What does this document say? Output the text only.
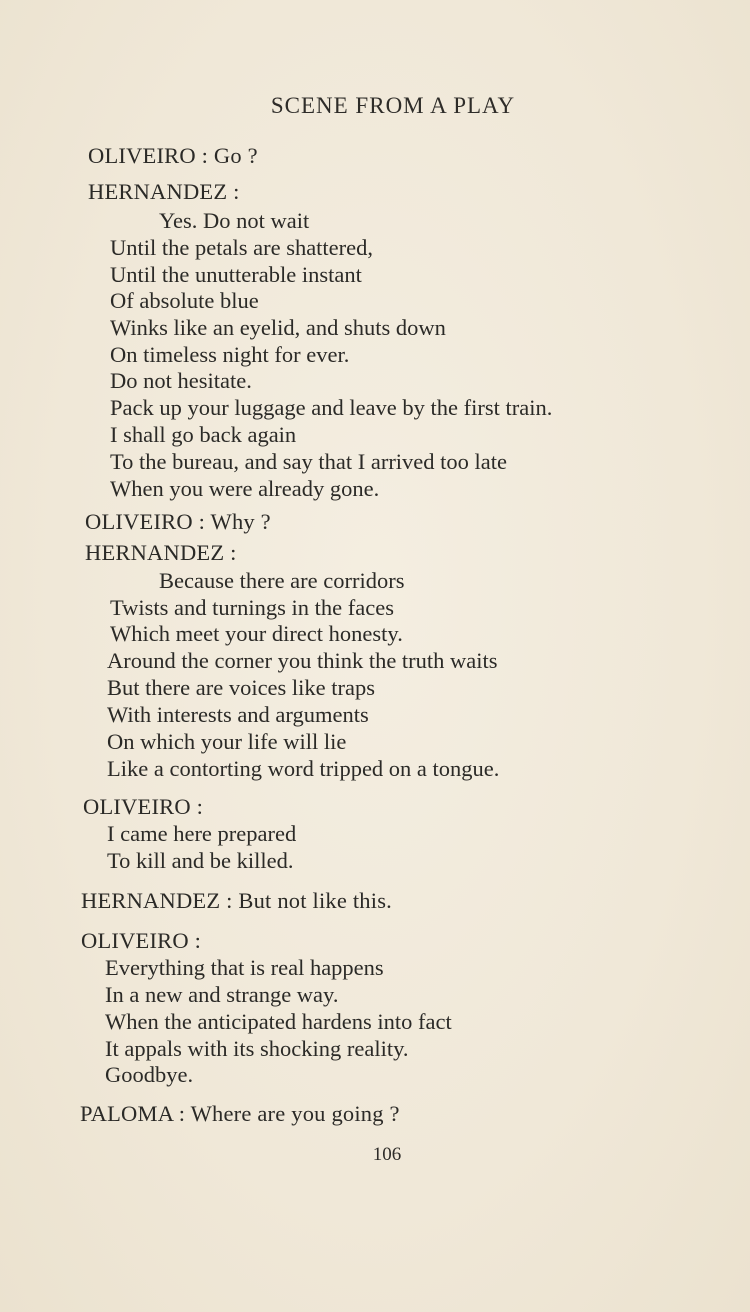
SCENE FROM A PLAY

OLIVEIRO : Go ?

HERNANDEZ :

Yes. Do not wait

Until the petals are shattered,

Until the unutterable instant

Of absolute blue

Winks like an eyelid, and shuts down

On timeless night for ever.

Do not hesitate.

Pack up your luggage and leave by the first train.

I shall go back again

To the bureau, and say that I arrived too late

When you were already gone.

OLIVEIRO : Why ?

HERNANDEZ :

Because there are corridors

Twists and turnings in the faces

Which meet your direct honesty.

Around the corner you think the truth waits

But there are voices like traps

With interests and arguments

On which your life will lie

Like a contorting word tripped on a tongue.

OLIVEIRO :

I came here prepared

To kill and be killed.

HERNANDEZ : But not like this.

OLIVEIRO :

Everything that is real happens

In a new and strange way.

When the anticipated hardens into fact

It appals with its shocking reality.

Goodbye.

PALOMA : Where are you going ?

106
